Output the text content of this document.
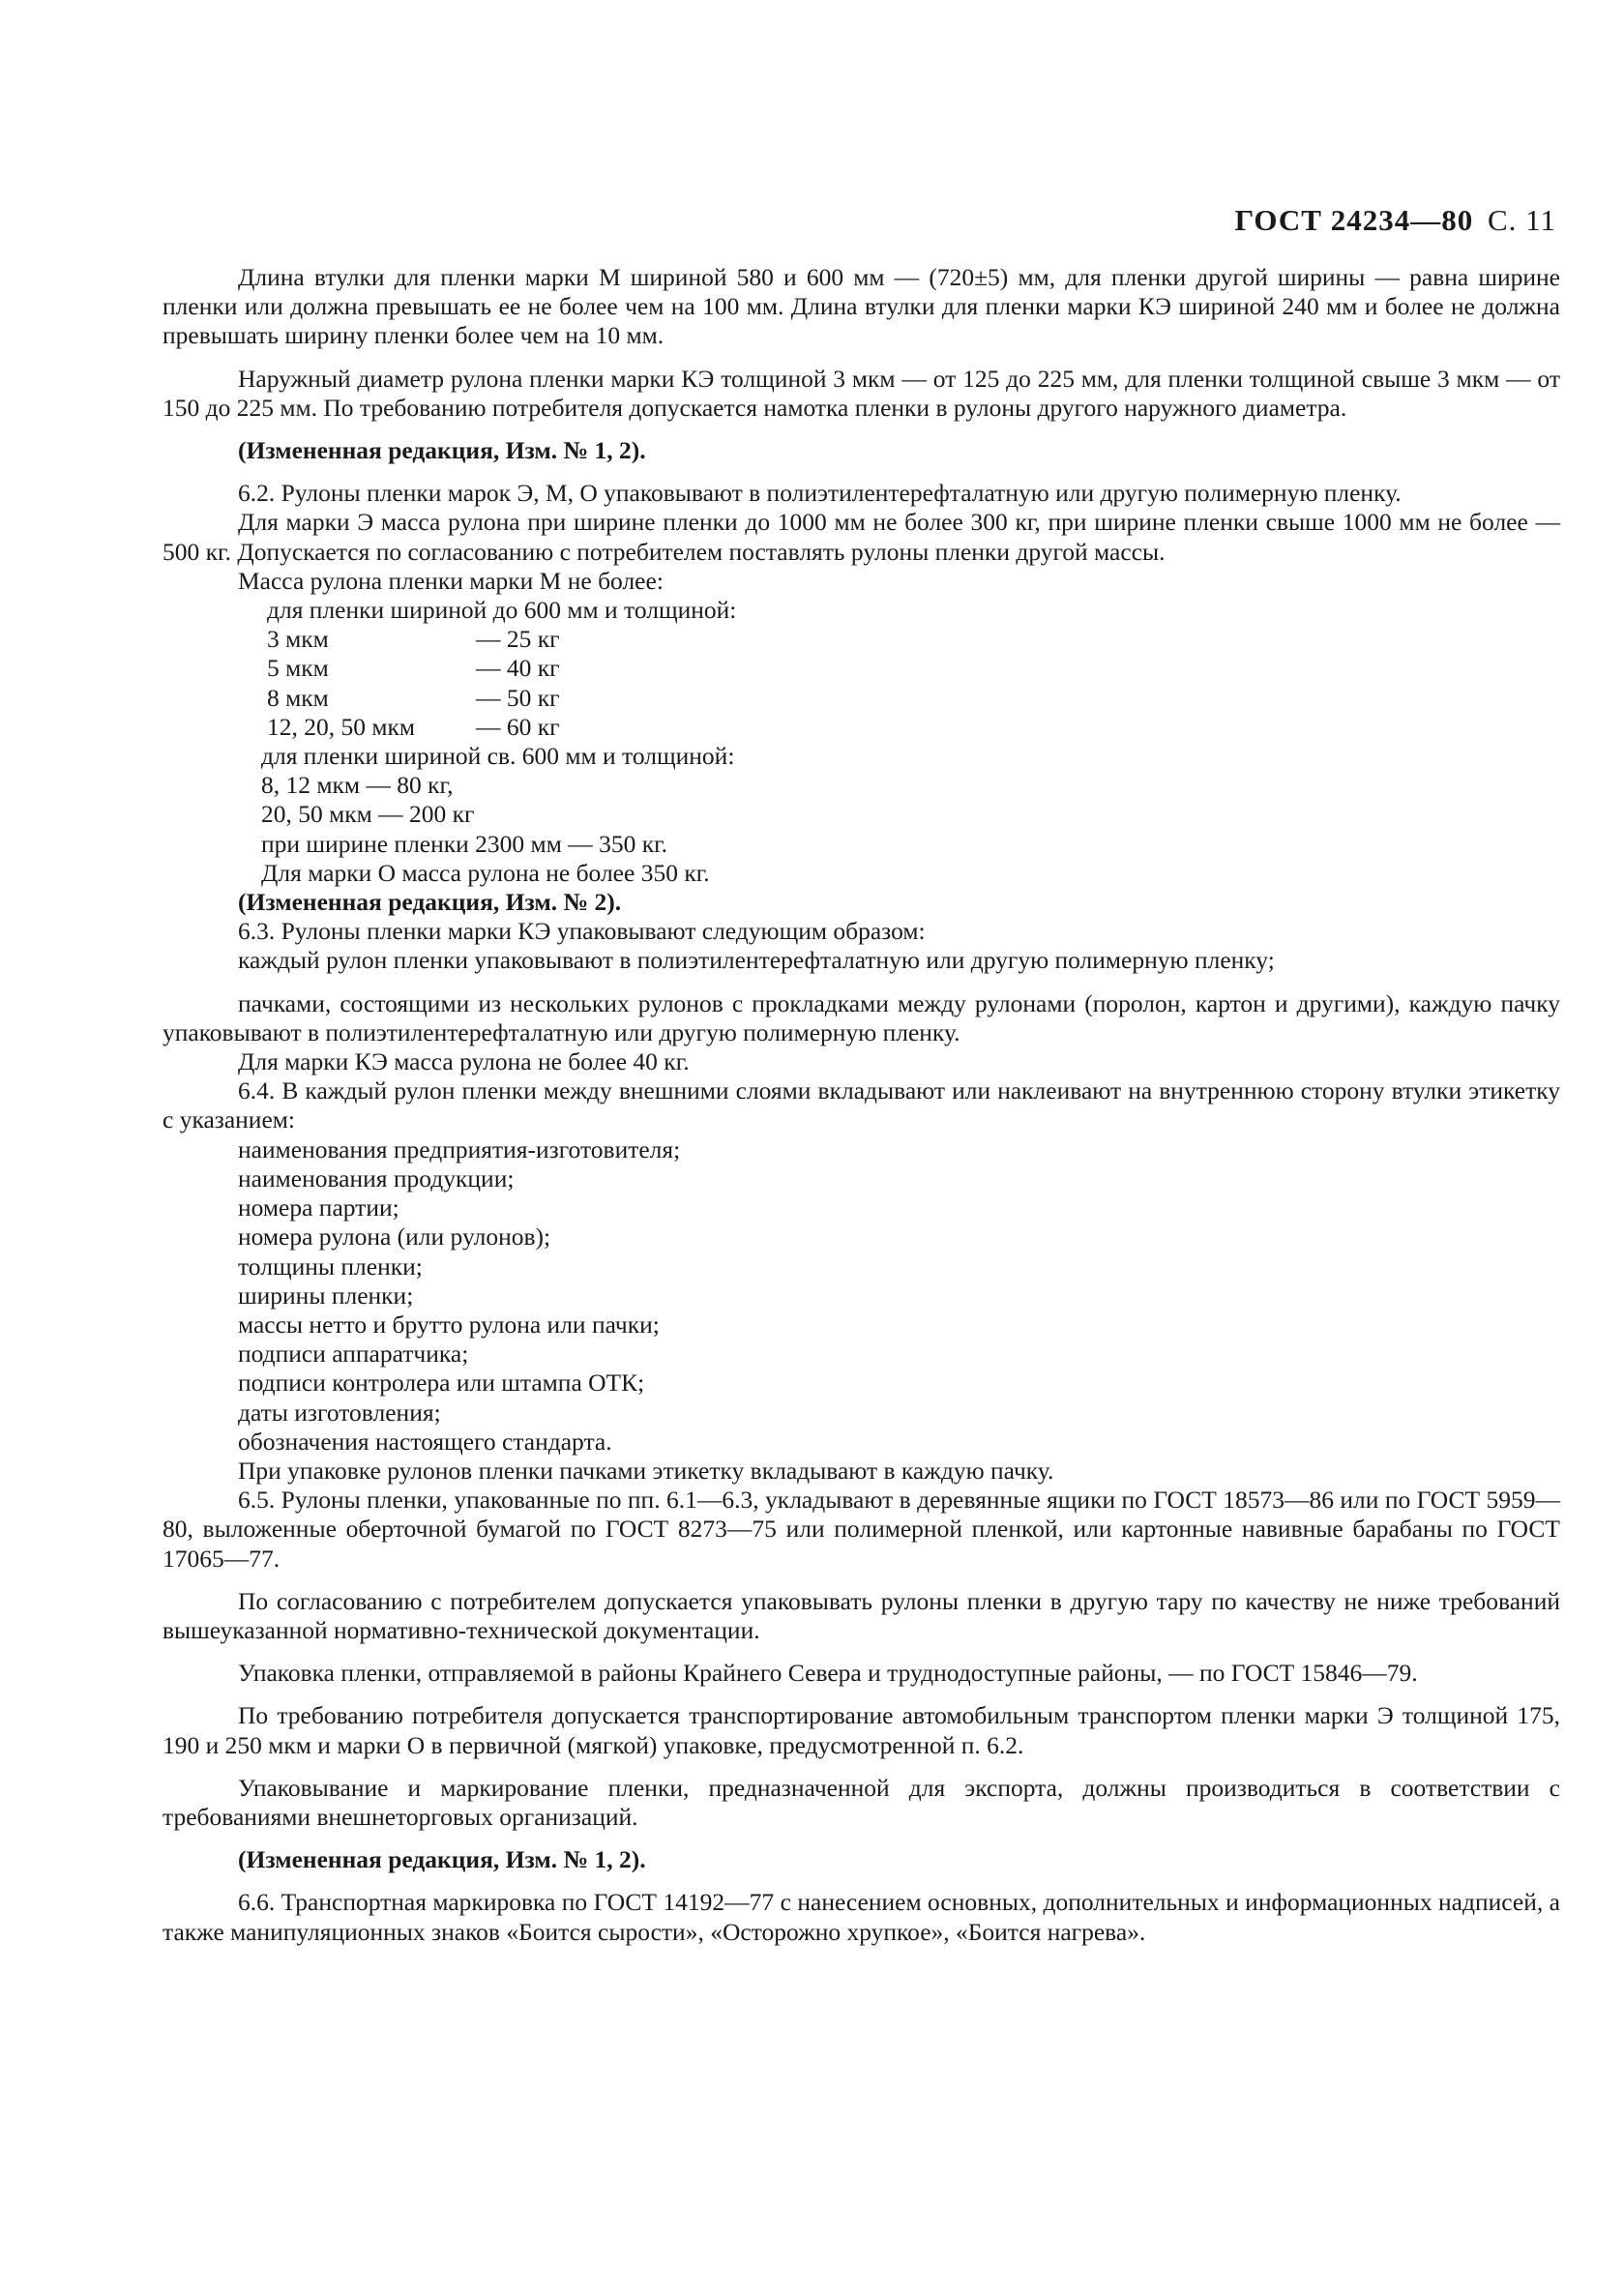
ГОСТ 24234—80 С. 11

Длина втулки для пленки марки М шириной 580 и 600 мм — (720±5) мм, для пленки другой ширины — равна ширине пленки или должна превышать ее не более чем на 100 мм. Длина втулки для пленки марки КЭ шириной 240 мм и более не должна превышать ширину пленки более чем на 10 мм.

Наружный диаметр рулона пленки марки КЭ толщиной 3 мкм — от 125 до 225 мм, для пленки толщиной свыше 3 мкм — от 150 до 225 мм. По требованию потребителя допускается намотка пленки в рулоны другого наружного диаметра.

(Измененная редакция, Изм. № 1, 2).

6.2. Рулоны пленки марок Э, М, О упаковывают в полиэтилентерефталатную или другую полимерную пленку.

Для марки Э масса рулона при ширине пленки до 1000 мм не более 300 кг, при ширине пленки свыше 1000 мм не более — 500 кг. Допускается по согласованию с потребителем поставлять рулоны пленки другой массы.

Масса рулона пленки марки М не более:

для пленки шириной до 600 мм и толщиной:

3 мкм	— 25 кг
5 мкм	— 40 кг
8 мкм	— 50 кг
12, 20, 50 мкм	— 60 кг

для пленки шириной св. 600 мм и толщиной:

8, 12 мкм — 80 кг,

20, 50 мкм — 200 кг

при ширине пленки 2300 мм — 350 кг.

Для марки О масса рулона не более 350 кг.

(Измененная редакция, Изм. № 2).

6.3. Рулоны пленки марки КЭ упаковывают следующим образом:

каждый рулон пленки упаковывают в полиэтилентерефталатную или другую полимерную пленку;

пачками, состоящими из нескольких рулонов с прокладками между рулонами (поролон, картон и другими), каждую пачку упаковывают в полиэтилентерефталатную или другую полимерную пленку.

Для марки КЭ масса рулона не более 40 кг.

6.4. В каждый рулон пленки между внешними слоями вкладывают или наклеивают на внутреннюю сторону втулки этикетку с указанием:

наименования предприятия-изготовителя;

наименования продукции;

номера партии;

номера рулона (или рулонов);

толщины пленки;

ширины пленки;

массы нетто и брутто рулона или пачки;

подписи аппаратчика;

подписи контролера или штампа ОТК;

даты изготовления;

обозначения настоящего стандарта.

При упаковке рулонов пленки пачками этикетку вкладывают в каждую пачку.

6.5. Рулоны пленки, упакованные по пп. 6.1—6.3, укладывают в деревянные ящики по ГОСТ 18573—86 или по ГОСТ 5959—80, выложенные оберточной бумагой по ГОСТ 8273—75 или полимерной пленкой, или картонные навивные барабаны по ГОСТ 17065—77.

По согласованию с потребителем допускается упаковывать рулоны пленки в другую тару по качеству не ниже требований вышеуказанной нормативно-технической документации.

Упаковка пленки, отправляемой в районы Крайнего Севера и труднодоступные районы, — по ГОСТ 15846—79.

По требованию потребителя допускается транспортирование автомобильным транспортом пленки марки Э толщиной 175, 190 и 250 мкм и марки О в первичной (мягкой) упаковке, предусмотренной п. 6.2.

Упаковывание и маркирование пленки, предназначенной для экспорта, должны производиться в соответствии с требованиями внешнеторговых организаций.

(Измененная редакция, Изм. № 1, 2).

6.6. Транспортная маркировка по ГОСТ 14192—77 с нанесением основных, дополнительных и информационных надписей, а также манипуляционных знаков «Боится сырости», «Осторожно хрупкое», «Боится нагрева».
